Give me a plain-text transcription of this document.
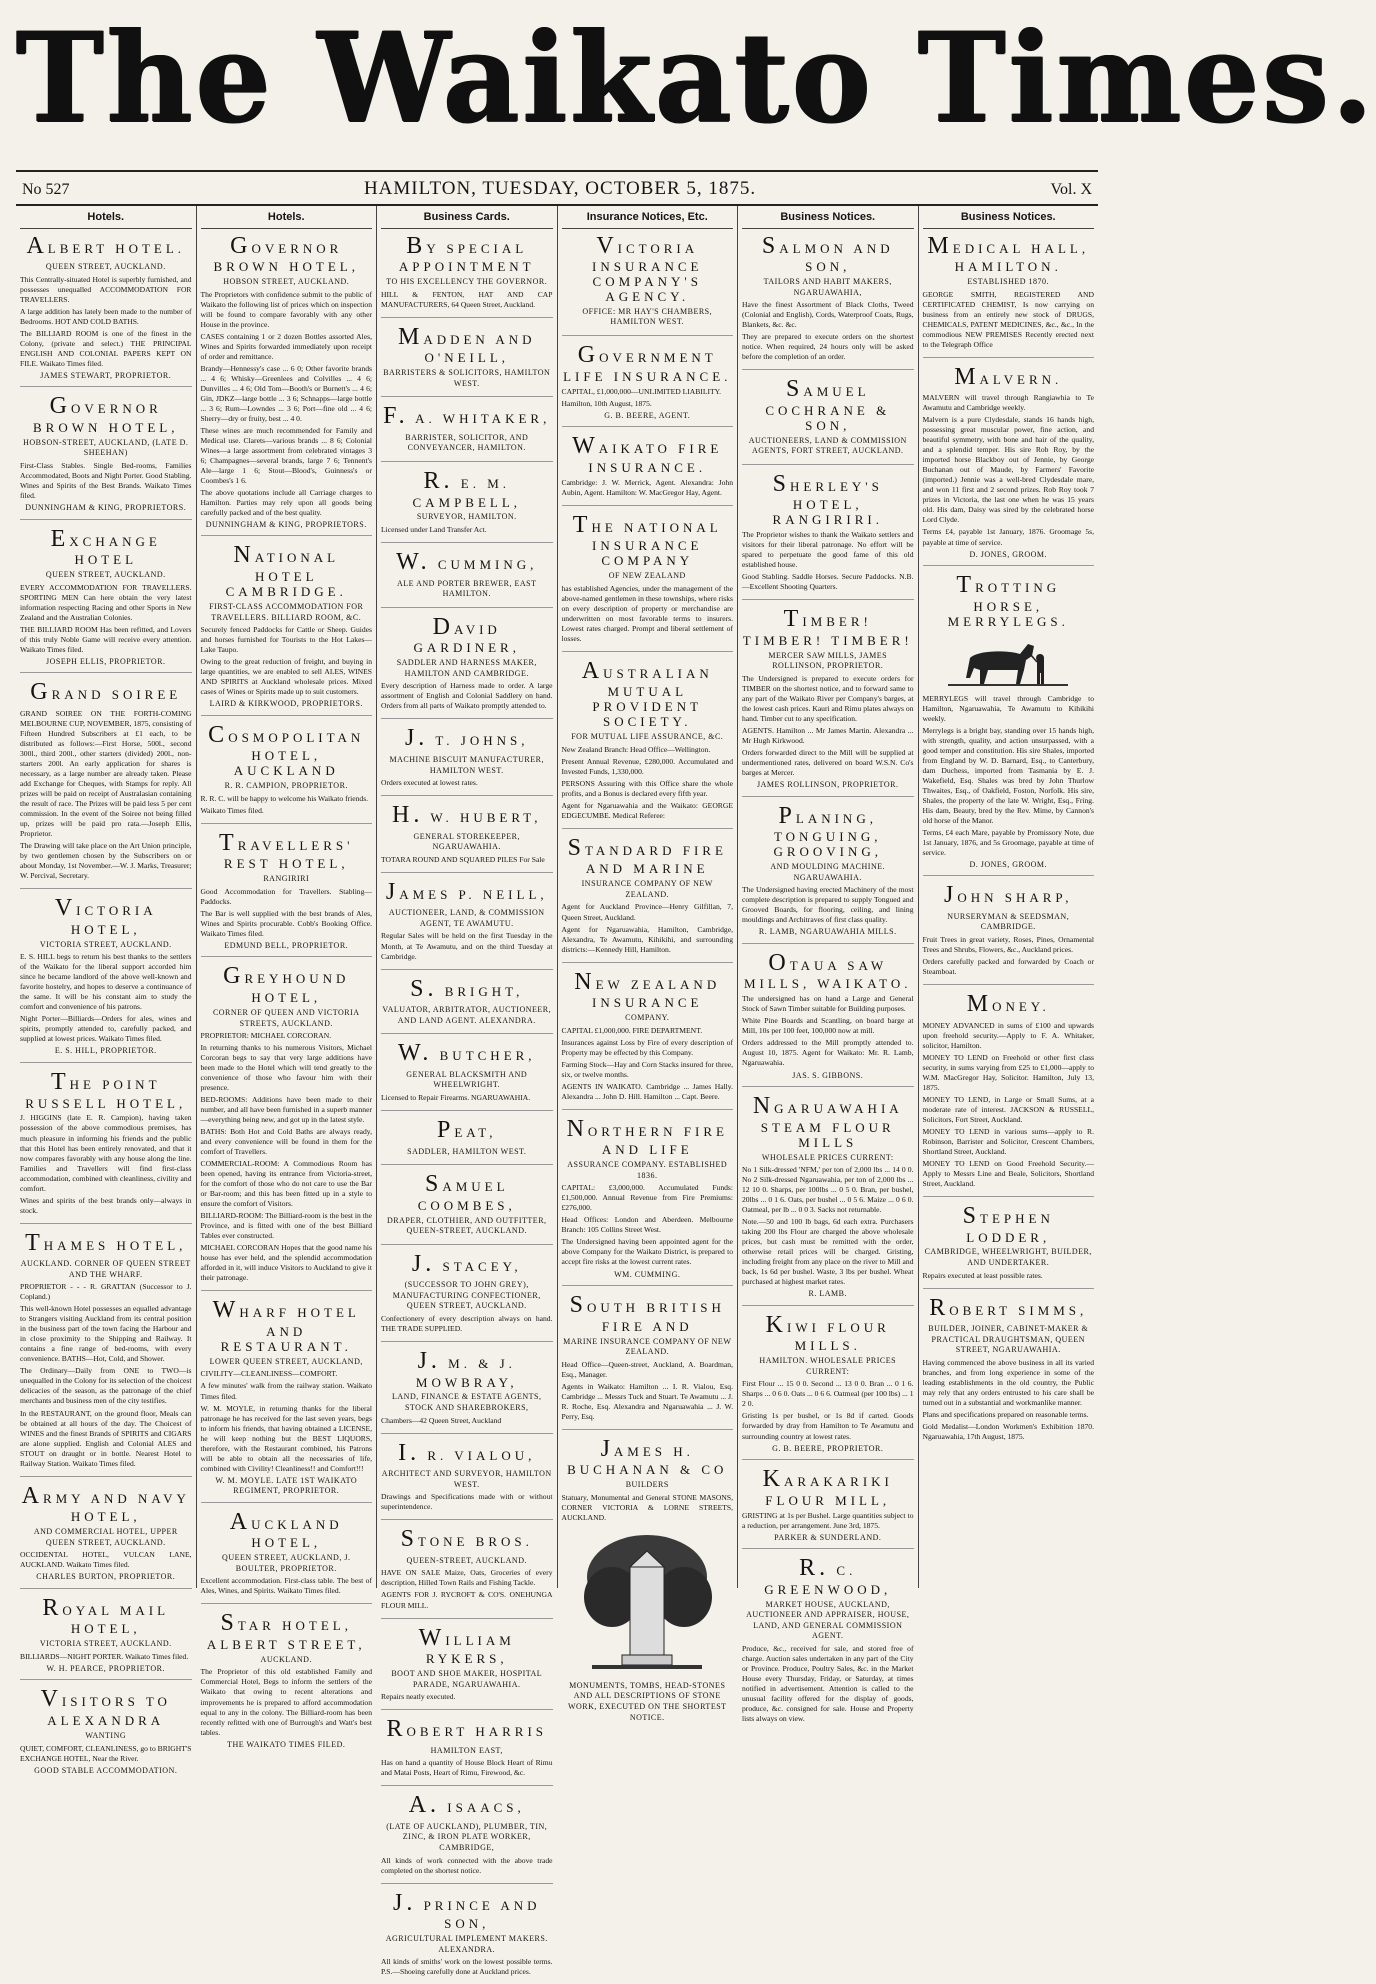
The Waikato Times.
No 527	HAMILTON, TUESDAY, OCTOBER 5, 1875.	Vol. X
Hotels.
ALBERT HOTEL.
QUEEN STREET, AUCKLAND.

This Centrally-situated Hotel is superbly furnished, and possesses unequalled ACCOMMODATION FOR TRAVELLERS.

A large addition has lately been made to the number of Bedrooms. HOT AND COLD BATHS.

The BILLIARD ROOM is one of the finest in the Colony, (private and select.) THE PRINCIPAL ENGLISH AND COLONIAL PAPERS KEPT ON FILE. Waikato Times filed.

JAMES STEWART, PROPRIETOR.
GOVERNOR BROWN HOTEL,
HOBSON-STREET, AUCKLAND, (LATE D. SHEEHAN)

First-Class Stables. Single Bed-rooms, Families Accommodated, Boots and Night Porter. Good Stabling. Wines and Spirits of the Best Brands. Waikato Times filed.

DUNNINGHAM & KING, PROPRIETORS.
EXCHANGE HOTEL
QUEEN STREET, AUCKLAND.

EVERY ACCOMMODATION FOR TRAVELLERS. SPORTING MEN Can here obtain the very latest information respecting Racing and other Sports in New Zealand and the Australian Colonies.

THE BILLIARD ROOM Has been refitted, and Lovers of this truly Noble Game will receive every attention. Waikato Times filed.

JOSEPH ELLIS, PROPRIETOR.
GRAND SOIREE

GRAND SOIREE ON THE FORTH-COMING MELBOURNE CUP, NOVEMBER, 1875, consisting of Fifteen Hundred Subscribers at £1 each, to be distributed as follows:—First Horse, 500l., second 300l., third 200l., other starters (divided) 200l., non-starters 200l. An early application for shares is necessary, as a large number are already taken. Please add Exchange for Cheques, with Stamps for reply. All prizes will be paid on receipt of Australasian containing the result of race. The Prizes will be paid less 5 per cent commission. In the event of the Soiree not being filled up, prizes will be paid pro rata.—Joseph Ellis, Proprietor.

The Drawing will take place on the Art Union principle, by two gentlemen chosen by the Subscribers on or about Monday, 1st November.—W. J. Marks, Treasurer; W. Percival, Secretary.

VICTORIA HOTEL,
VICTORIA STREET, AUCKLAND.

E. S. HILL begs to return his best thanks to the settlers of the Waikato for the liberal support accorded him since he became landlord of the above well-known and favorite hostelry, and hopes to deserve a continuance of the same. It will be his constant aim to study the comfort and convenience of his patrons.

Night Porter—Billiards—Orders for ales, wines and spirits, promptly attended to, carefully packed, and supplied at lowest prices. Waikato Times filed.

E. S. HILL, PROPRIETOR.
THE POINT RUSSELL HOTEL,

J. HIGGINS (late E. R. Campion), having taken possession of the above commodious premises, has much pleasure in informing his friends and the public that this Hotel has been entirely renovated, and that it now compares favorably with any house along the line. Families and Travellers will find first-class accommodation, combined with cleanliness, civility and comfort.

Wines and spirits of the best brands only—always in stock.

THAMES HOTEL,
AUCKLAND. CORNER OF QUEEN STREET AND THE WHARF.

PROPRIETOR - - - R. GRATTAN (Successor to J. Copland.)

This well-known Hotel possesses an equalled advantage to Strangers visiting Auckland from its central position in the business part of the town facing the Harbour and in close proximity to the Shipping and Railway. It contains a fine range of bed-rooms, with every convenience. BATHS—Hot, Cold, and Shower.

The Ordinary—Daily from ONE to TWO—is unequalled in the Colony for its selection of the choicest delicacies of the season, as the patronage of the chief merchants and business men of the city testifies.

In the RESTAURANT, on the ground floor, Meals can be obtained at all hours of the day. The Choicest of WINES and the finest Brands of SPIRITS and CIGARS are alone supplied. English and Colonial ALES and STOUT on draught or in bottle. Nearest Hotel to Railway Station. Waikato Times filed.

ARMY AND NAVY HOTEL,
AND COMMERCIAL HOTEL, UPPER QUEEN STREET, AUCKLAND.

OCCIDENTAL HOTEL, VULCAN LANE, AUCKLAND. Waikato Times filed.

CHARLES BURTON, PROPRIETOR.
ROYAL MAIL HOTEL,
VICTORIA STREET, AUCKLAND.

BILLIARDS—NIGHT PORTER. Waikato Times filed.

W. H. PEARCE, PROPRIETOR.
VISITORS TO ALEXANDRA
WANTING

QUIET, COMFORT, CLEANLINESS, go to BRIGHT'S EXCHANGE HOTEL, Near the River.

GOOD STABLE ACCOMMODATION.
Hotels.
GOVERNOR BROWN HOTEL,
HOBSON STREET, AUCKLAND.

The Proprietors with confidence submit to the public of Waikato the following list of prices which on inspection will be found to compare favorably with any other House in the province.

CASES containing 1 or 2 dozen Bottles assorted Ales, Wines and Spirits forwarded immediately upon receipt of order and remittance.

Brandy—Hennessy's case ... 6 0; Other favorite brands ... 4 6; Whisky—Greenlees and Colvilles ... 4 6; Dunvilles ... 4 6; Old Tom—Booth's or Burnett's ... 4 6; Gin, JDKZ—large bottle ... 3 6; Schnapps—large bottle ... 3 6; Rum—Lowndes ... 3 6; Port—fine old ... 4 6; Sherry—dry or fruity, best ... 4 0.

These wines are much recommended for Family and Medical use. Clarets—various brands ... 8 6; Colonial Wines—a large assortment from celebrated vintages 3 6; Champagnes—several brands, large 7 6; Tennent's Ale—large 1 6; Stout—Blood's, Guinness's or Coombes's 1 6.

The above quotations include all Carriage charges to Hamilton. Parties may rely upon all goods being carefully packed and of the best quality.

DUNNINGHAM & KING, PROPRIETORS.
NATIONAL HOTEL CAMBRIDGE.
FIRST-CLASS ACCOMMODATION FOR TRAVELLERS. BILLIARD ROOM, &C.

Securely fenced Paddocks for Cattle or Sheep. Guides and horses furnished for Tourists to the Hot Lakes—Lake Taupo.

Owing to the great reduction of freight, and buying in large quantities, we are enabled to sell ALES, WINES AND SPIRITS at Auckland wholesale prices. Mixed cases of Wines or Spirits made up to suit customers.

LAIRD & KIRKWOOD, PROPRIETORS.
COSMOPOLITAN HOTEL, AUCKLAND
R. R. CAMPION, PROPRIETOR.

R. R. C. will be happy to welcome his Waikato friends.

Waikato Times filed.

TRAVELLERS' REST HOTEL,
RANGIRIRI

Good Accommodation for Travellers. Stabling—Paddocks.

The Bar is well supplied with the best brands of Ales, Wines and Spirits procurable. Cobb's Booking Office. Waikato Times filed.

EDMUND BELL, PROPRIETOR.
GREYHOUND HOTEL,
CORNER OF QUEEN AND VICTORIA STREETS, AUCKLAND.

PROPRIETOR: MICHAEL CORCORAN.

In returning thanks to his numerous Visitors, Michael Corcoran begs to say that very large additions have been made to the Hotel which will tend greatly to the convenience of those who favour him with their presence.

BED-ROOMS: Additions have been made to their number, and all have been furnished in a superb manner—everything being new, and got up in the latest style.

BATHS: Both Hot and Cold Baths are always ready, and every convenience will be found in them for the comfort of Travellers.

COMMERCIAL-ROOM: A Commodious Room has been opened, having its entrance from Victoria-street, for the comfort of those who do not care to use the Bar or Bar-room; and this has been fitted up in a style to ensure the comfort of Visitors.

BILLIARD-ROOM: The Billiard-room is the best in the Province, and is fitted with one of the best Billiard Tables ever constructed.

MICHAEL CORCORAN Hopes that the good name his house has ever held, and the splendid accommodation afforded in it, will induce Visitors to Auckland to give it their patronage.

WHARF HOTEL AND RESTAURANT.
LOWER QUEEN STREET, AUCKLAND,

CIVILITY—CLEANLINESS—COMFORT.

A few minutes' walk from the railway station. Waikato Times filed.

W. M. MOYLE, in returning thanks for the liberal patronage he has received for the last seven years, begs to inform his friends, that having obtained a LICENSE, he will keep nothing but the BEST LIQUORS, therefore, with the Restaurant combined, his Patrons will be able to obtain all the necessaries of life, combined with Civility! Cleanliness!! and Comfort!!!

W. M. MOYLE. LATE 1ST WAIKATO REGIMENT, PROPRIETOR.
AUCKLAND HOTEL,
QUEEN STREET, AUCKLAND, J. BOULTER, PROPRIETOR.

Excellent accommodation. First-class table. The best of Ales, Wines, and Spirits. Waikato Times filed.

STAR HOTEL, ALBERT STREET,
AUCKLAND.

The Proprietor of this old established Family and Commercial Hotel, Begs to inform the settlers of the Waikato that owing to recent alterations and improvements he is prepared to afford accommodation equal to any in the colony. The Billiard-room has been recently refitted with one of Burrough's and Watt's best tables.

THE WAIKATO TIMES FILED.
Business Cards.
BY SPECIAL APPOINTMENT
TO HIS EXCELLENCY THE GOVERNOR.

HILL & FENTON, HAT AND CAP MANUFACTURERS, 64 Queen Street, Auckland.

MADDEN AND O'NEILL,
BARRISTERS & SOLICITORS, HAMILTON WEST.
F. A. WHITAKER,
BARRISTER, SOLICITOR, AND CONVEYANCER, HAMILTON.
R. E. M. CAMPBELL,
SURVEYOR, HAMILTON.

Licensed under Land Transfer Act.

W. CUMMING,
ALE AND PORTER BREWER, EAST HAMILTON.
DAVID GARDINER,
SADDLER AND HARNESS MAKER, HAMILTON AND CAMBRIDGE.

Every description of Harness made to order. A large assortment of English and Colonial Saddlery on hand. Orders from all parts of Waikato promptly attended to.

J. T. JOHNS,
MACHINE BISCUIT MANUFACTURER, HAMILTON WEST.

Orders executed at lowest rates.

H. W. HUBERT,
GENERAL STOREKEEPER, NGARUAWAHIA.

TOTARA ROUND AND SQUARED PILES For Sale

JAMES P. NEILL,
AUCTIONEER, LAND, & COMMISSION AGENT, TE AWAMUTU.

Regular Sales will be held on the first Tuesday in the Month, at Te Awamutu, and on the third Tuesday at Cambridge.

S. BRIGHT,
VALUATOR, ARBITRATOR, AUCTIONEER, AND LAND AGENT. ALEXANDRA.
W. BUTCHER,
GENERAL BLACKSMITH AND WHEELWRIGHT.

Licensed to Repair Firearms. NGARUAWAHIA.

PEAT,
SADDLER, HAMILTON WEST.
SAMUEL COOMBES,
DRAPER, CLOTHIER, AND OUTFITTER, QUEEN-STREET, AUCKLAND.
J. STACEY,
(SUCCESSOR TO JOHN GREY), MANUFACTURING CONFECTIONER, QUEEN STREET, AUCKLAND.

Confectionery of every description always on hand. THE TRADE SUPPLIED.

J. M. & J. MOWBRAY,
LAND, FINANCE & ESTATE AGENTS, STOCK AND SHAREBROKERS,

Chambers—42 Queen Street, Auckland

I. R. VIALOU,
ARCHITECT AND SURVEYOR, HAMILTON WEST.

Drawings and Specifications made with or without superintendence.

STONE BROS.
QUEEN-STREET, AUCKLAND.

HAVE ON SALE Maize, Oats, Groceries of every description, Hilled Town Rails and Fishing Tackle.

AGENTS FOR J. RYCROFT & CO'S. ONEHUNGA FLOUR MILL.

WILLIAM RYKERS,
BOOT AND SHOE MAKER, HOSPITAL PARADE, NGARUAWAHIA.

Repairs neatly executed.

ROBERT HARRIS
HAMILTON EAST,

Has on hand a quantity of House Block Heart of Rimu and Matai Posts, Heart of Rimu, Firewood, &c.

A. ISAACS,
(LATE OF AUCKLAND), PLUMBER, TIN, ZINC, & IRON PLATE WORKER, CAMBRIDGE,

All kinds of work connected with the above trade completed on the shortest notice.

J. PRINCE AND SON,
AGRICULTURAL IMPLEMENT MAKERS. ALEXANDRA.

All kinds of smiths' work on the lowest possible terms. P.S.—Shoeing carefully done at Auckland prices.

Insurance Notices, Etc.
VICTORIA INSURANCE COMPANY'S AGENCY.
OFFICE: MR HAY'S CHAMBERS, HAMILTON WEST.
GOVERNMENT LIFE INSURANCE.

CAPITAL, £1,000,000—UNLIMITED LIABILITY.

Hamilton, 10th August, 1875.

G. B. BEERE, AGENT.
WAIKATO FIRE INSURANCE.

Cambridge: J. W. Merrick, Agent. Alexandra: John Aubin, Agent. Hamilton: W. MacGregor Hay, Agent.

THE NATIONAL INSURANCE COMPANY
OF NEW ZEALAND

has established Agencies, under the management of the above-named gentlemen in these townships, where risks on every description of property or merchandise are underwritten on most favorable terms to insurers. Lowest rates charged. Prompt and liberal settlement of losses.

AUSTRALIAN MUTUAL PROVIDENT SOCIETY.
FOR MUTUAL LIFE ASSURANCE, &C.

New Zealand Branch: Head Office—Wellington.

Present Annual Revenue, £280,000. Accumulated and Invested Funds, 1,330,000.

PERSONS Assuring with this Office share the whole profits, and a Bonus is declared every fifth year.

Agent for Ngaruawahia and the Waikato: GEORGE EDGECUMBE. Medical Referee:

STANDARD FIRE AND MARINE
INSURANCE COMPANY OF NEW ZEALAND.

Agent for Auckland Province—Henry Gilfillan, 7, Queen Street, Auckland.

Agent for Ngaruawahia, Hamilton, Cambridge, Alexandra, Te Awamutu, Kihikihi, and surrounding districts:—Kennedy Hill, Hamilton.

NEW ZEALAND INSURANCE
COMPANY.

CAPITAL £1,000,000. FIRE DEPARTMENT.

Insurances against Loss by Fire of every description of Property may be effected by this Company.

Farming Stock—Hay and Corn Stacks insured for three, six, or twelve months.

AGENTS IN WAIKATO. Cambridge ... James Hally. Alexandra ... John D. Hill. Hamilton ... Capt. Beere.

NORTHERN FIRE AND LIFE
ASSURANCE COMPANY. ESTABLISHED 1836.

CAPITAL: £3,000,000. Accumulated Funds: £1,500,000. Annual Revenue from Fire Premiums: £276,000.

Head Offices: London and Aberdeen. Melbourne Branch: 105 Collins Street West.

The Undersigned having been appointed agent for the above Company for the Waikato District, is prepared to accept fire risks at the lowest current rates.

WM. CUMMING.
SOUTH BRITISH FIRE AND
MARINE INSURANCE COMPANY OF NEW ZEALAND.

Head Office—Queen-street, Auckland, A. Boardman, Esq., Manager.

Agents in Waikato: Hamilton ... I. R. Vialou, Esq. Cambridge ... Messrs Tuck and Stuart. Te Awamutu ... J. R. Roche, Esq. Alexandra and Ngaruawahia ... J. W. Perry, Esq.

JAMES H. BUCHANAN & CO
BUILDERS

Statuary, Monumental and General STONE MASONS, CORNER VICTORIA & LORNE STREETS, AUCKLAND.

MONUMENTS, TOMBS, HEAD-STONES AND ALL DESCRIPTIONS OF STONE WORK, EXECUTED ON THE SHORTEST NOTICE.
Business Notices.
SALMON AND SON,
TAILORS AND HABIT MAKERS, NGARUAWAHIA,

Have the finest Assortment of Black Cloths, Tweed (Colonial and English), Cords, Waterproof Coats, Rugs, Blankets, &c. &c.

They are prepared to execute orders on the shortest notice. When required, 24 hours only will be asked before the completion of an order.

SAMUEL COCHRANE & SON,
AUCTIONEERS, LAND & COMMISSION AGENTS, FORT STREET, AUCKLAND.
SHERLEY'S HOTEL, RANGIRIRI.

The Proprietor wishes to thank the Waikato settlers and visitors for their liberal patronage. No effort will be spared to perpetuate the good fame of this old established house.

Good Stabling. Saddle Horses. Secure Paddocks. N.B.—Excellent Shooting Quarters.

TIMBER! TIMBER! TIMBER!
MERCER SAW MILLS, JAMES ROLLINSON, PROPRIETOR.

The Undersigned is prepared to execute orders for TIMBER on the shortest notice, and to forward same to any part of the Waikato River per Company's barges, at the lowest cash prices. Kauri and Rimu plates always on hand. Timber cut to any specification.

AGENTS. Hamilton ... Mr James Martin. Alexandra ... Mr Hugh Kirkwood.

Orders forwarded direct to the Mill will be supplied at undermentioned rates, delivered on board W.S.N. Co's barges at Mercer.

JAMES ROLLINSON, PROPRIETOR.
PLANING, TONGUING, GROOVING,
AND MOULDING MACHINE. NGARUAWAHIA.

The Undersigned having erected Machinery of the most complete description is prepared to supply Tongued and Grooved Boards, for flooring, ceiling, and lining mouldings and Architraves of first class quality.

R. LAMB, NGARUAWAHIA MILLS.
OTAUA SAW MILLS, WAIKATO.

The undersigned has on hand a Large and General Stock of Sawn Timber suitable for Building purposes.

White Pine Boards and Scantling, on board barge at Mill, 10s per 100 feet, 100,000 now at mill.

Orders addressed to the Mill promptly attended to. August 10, 1875. Agent for Waikato: Mr. R. Lamb, Ngaruawahia.

JAS. S. GIBBONS.
NGARUAWAHIA STEAM FLOUR MILLS
WHOLESALE PRICES CURRENT:

No 1 Silk-dressed 'NFM,' per ton of 2,000 lbs ... 14 0 0. No 2 Silk-dressed Ngaruawahia, per ton of 2,000 lbs ... 12 10 0. Sharps, per 100lbs ... 0 5 0. Bran, per bushel, 20lbs ... 0 1 6. Oats, per bushel ... 0 5 6. Maize ... 0 6 0. Oatmeal, per lb ... 0 0 3. Sacks not returnable.

Note.—50 and 100 lb bags, 6d each extra. Purchasers taking 200 lbs Flour are charged the above wholesale prices, but cash must be remitted with the order, otherwise retail prices will be charged. Gristing, including freight from any place on the river to Mill and back, 1s 6d per bushel. Waste, 3 lbs per bushel. Wheat purchased at highest market rates.

R. LAMB.
KIWI FLOUR MILLS.
HAMILTON. WHOLESALE PRICES CURRENT:

First Flour ... 15 0 0. Second ... 13 0 0. Bran ... 0 1 6. Sharps ... 0 6 0. Oats ... 0 6 6. Oatmeal (per 100 lbs) ... 1 2 0.

Gristing 1s per bushel, or 1s 8d if carted. Goods forwarded by dray from Hamilton to Te Awamutu and surrounding country at lowest rates.

G. B. BEERE, PROPRIETOR.
KARAKARIKI FLOUR MILL,

GRISTING at 1s per Bushel. Large quantities subject to a reduction, per arrangement. June 3rd, 1875.

PARKER & SUNDERLAND.
R. C. GREENWOOD,
MARKET HOUSE, AUCKLAND, AUCTIONEER AND APPRAISER, HOUSE, LAND, AND GENERAL COMMISSION AGENT.

Produce, &c., received for sale, and stored free of charge. Auction sales undertaken in any part of the City or Province. Produce, Poultry Sales, &c. in the Market House every Thursday, Friday, or Saturday, at times notified in advertisement. Attention is called to the unusual facility offered for the display of goods, produce, &c. consigned for sale. House and Property lists always on view.

Business Notices.
MEDICAL HALL, HAMILTON.
ESTABLISHED 1870.

GEORGE SMITH, REGISTERED AND CERTIFICATED CHEMIST, Is now carrying on business from an entirely new stock of DRUGS, CHEMICALS, PATENT MEDICINES, &c., &c., In the commodious NEW PREMISES Recently erected next to the Telegraph Office

MALVERN.

MALVERN will travel through Rangiawhia to Te Awamutu and Cambridge weekly.

Malvern is a pure Clydesdale, stands 16 hands high, possessing great muscular power, fine action, and beautiful symmetry, with bone and hair of the quality, and a splendid temper. His sire Rob Roy, by the imported horse Blackboy out of Jennie, by George Buchanan out of Maude, by Farmers' Favorite (imported.) Jennie was a well-bred Clydesdale mare, and won 11 first and 2 second prizes. Rob Roy took 7 prizes in Victoria, the last one when he was 15 years old. His dam, Daisy was sired by the celebrated horse Lord Clyde.

Terms £4, payable 1st January, 1876. Groomage 5s, payable at time of service.

D. JONES, GROOM.
TROTTING HORSE, MERRYLEGS.

MERRYLEGS will travel through Cambridge to Hamilton, Ngaruawahia, Te Awamutu to Kihikihi weekly.

Merrylegs is a bright bay, standing over 15 hands high, with strength, quality, and action unsurpassed, with a good temper and constitution. His sire Shales, imported from England by W. D. Barnard, Esq., to Canterbury, dam Duchess, imported from Tasmania by E. J. Wakefield, Esq. Shales was bred by John Thurlow Thwaites, Esq., of Oakfield, Foston, Norfolk. His sire, Shales, the property of the late W. Wright, Esq., Fring. His dam, Beauty, bred by the Rev. Mime, by Cannon's old horse of the Manor.

Terms, £4 each Mare, payable by Promissory Note, due 1st January, 1876, and 5s Groomage, payable at time of service.

D. JONES, GROOM.
JOHN SHARP,
NURSERYMAN & SEEDSMAN, CAMBRIDGE.

Fruit Trees in great variety, Roses, Pines, Ornamental Trees and Shrubs, Flowers, &c., Auckland prices.

Orders carefully packed and forwarded by Coach or Steamboat.

MONEY.

MONEY ADVANCED in sums of £100 and upwards upon freehold security.—Apply to F. A. Whitaker, solicitor, Hamilton.

MONEY TO LEND on Freehold or other first class security, in sums varying from £25 to £1,000—apply to W.M. MacGregor Hay, Solicitor. Hamilton, July 13, 1875.

MONEY TO LEND, in Large or Small Sums, at a moderate rate of interest. JACKSON & RUSSELL, Solicitors, Fort Street, Auckland.

MONEY TO LEND in various sums—apply to R. Robinson, Barrister and Solicitor, Crescent Chambers, Shortland Street, Auckland.

MONEY TO LEND on Good Freehold Security.—Apply to Messrs Line and Beale, Solicitors, Shortland Street, Auckland.

STEPHEN LODDER,
CAMBRIDGE, WHEELWRIGHT, BUILDER, AND UNDERTAKER.

Repairs executed at least possible rates.

ROBERT SIMMS,
BUILDER, JOINER, CABINET-MAKER & PRACTICAL DRAUGHTSMAN, QUEEN STREET, NGARUAWAHIA.

Having commenced the above business in all its varied branches, and from long experience in some of the leading establishments in the old country, the Public may rely that any orders entrusted to his care shall be turned out in a substantial and workmanlike manner.

Plans and specifications prepared on reasonable terms.

Gold Medalist—London Workmen's Exhibition 1870. Ngaruawahia, 17th August, 1875.
